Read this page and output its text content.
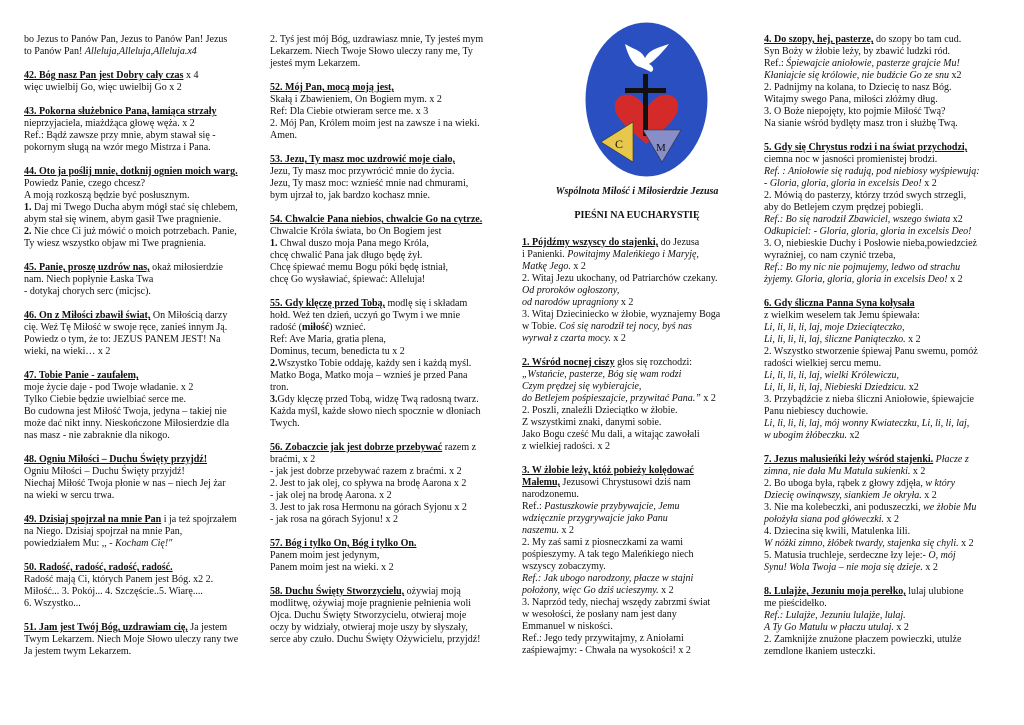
bo Jezus to Panów Pan, Jezus to Panów Pan! Jezus
to Panów Pan! Alleluja,Alleluja,Alleluja.x4
42. Bóg nasz Pan jest Dobry cały czas x 4
więc uwielbij Go, więc uwielbij Go x 2
43. Pokorna służebnico Pana, łamiąca strzały
nieprzyjaciela, miażdżąca głowę węża. x 2
Ref.: Bądź zawsze przy mnie, abym stawał się -
pokornym sługą na wzór mego Mistrza i Pana.
44. Oto ja poślij mnie, dotknij ognien moich warg. Powiedz Panie, czego chcesz?
A moją rozkoszą będzie być posłusznym.
1. Daj mi Twego Ducha abym mógł stać się chlebem,
abym stał się winem, abym gasił Twe pragnienie.
2. Nie chce Ci już mówić o moich potrzebach. Panie,
Ty wiesz wszystko objaw mi Twe pragnienia.
45. Panie, proszę uzdrów nas, okaż miłosierdzie
nam. Niech popłynie Łaska Twa
- dotykaj chorych serc (micjsc).
46. On z Miłości zbawił świat, On Miłością darzy
cię. Weź Tę Miłość w swoje ręce, zanieś innym Ją.
Powiedz o tym, że to: JEZUS PANEM JEST! Na
wieki, na wieki… x 2
47. Tobie Panie - zaufałem,
moje życie daje - pod Twoje władanie. x 2
Tylko Ciebie będzie uwielbiać serce me.
Bo cudowna jest Miłość Twoja, jedyna – takiej nie
może dać nikt inny. Nieskończone Miłosierdzie dla
nas masz - nie zabraknie dla nikogo.
48. Ogniu Miłości – Duchu Święty przyjdź!
Ogniu Miłości – Duchu Święty przyjdź!
Niechaj Miłość Twoja płonie w nas – niech Jej żar
na wieki w sercu trwa.
49. Dzisiaj spojrzał na mnie Pan i ja też spojrzałem
na Niego. Dzisiaj spojrzał na mnie Pan,
powiedziałem Mu: ,, - Kocham Cię!"
50. Radość, radość, radość, radość.
Radość mają Ci, których Panem jest Bóg. x2 2.
Miłość... 3. Pokój... 4. Szczęście..5. Wiarę....
6. Wszystko...
51. Jam jest Twój Bóg, uzdrawiam cię, Ja jestem
Twym Lekarzem. Niech Moje Słowo uleczy rany twe
Ja jestem twym Lekarzem.
2. Tyś jest mój Bóg, uzdrawiasz mnie, Ty jesteś mym
Lekarzem. Niech Twoje Słowo uleczy rany me, Ty
jesteś mym Lekarzem.
52. Mój Pan, mocą moją jest,
Skałą i Zbawieniem, On Bogiem mym. x 2
Ref: Dla Ciebie otwieram serce me. x 3
2. Mój Pan, Królem moim jest na zawsze i na wieki.
Amen.
53. Jezu, Ty masz moc uzdrowić moje ciało,
Jezu, Ty masz moc przywrócić mnie do życia.
Jezu, Ty masz moc: wznieść mnie nad chmurami,
bym ujrzał to, jak bardzo kochasz mnie.
54. Chwalcie Pana niebios, chwalcie Go na cytrze.
Chwalcie Króla świata, bo On Bogiem jest
1. Chwal duszo moja Pana mego Króla,
chcę chwalić Pana jak długo będę żył.
Chcę śpiewać memu Bogu póki będę istniał,
chcę Go wysławiać, śpiewać: Alleluja!
55. Gdy klęczę przed Tobą, modlę się i składam
hołd. Weź ten dzień, uczyń go Twym i we mnie
radość (miłość) wznieć.
Ref: Ave Maria, gratia plena,
Dominus, tecum, benedicta tu x 2
2.Wszystko Tobie oddaję, każdy sen i każdą myśl.
Matko Boga, Matko moja – wznieś je przed Pana
tron.
3.Gdy klęczę przed Tobą, widzę Twą radosną twarz.
Każda myśl, każde słowo niech spocznie w dłoniach
Twych.
56. Zobaczcie jak jest dobrze przebywać razem z
braćmi, x 2
- jak jest dobrze przebywać razem z braćmi. x 2
2. Jest to jak olej, co spływa na brodę Aarona x 2
- jak olej na brodę Aarona. x 2
3. Jest to jak rosa Hermonu na górach Syjonu x 2
- jak rosa na górach Syjonu! x 2
57. Bóg i tylko On, Bóg i tylko On.
Panem moim jest jedynym,
Panem moim jest na wieki. x 2
58. Duchu Święty Stworzycielu, ożywiaj moją
modlitwę, ożywiaj moje pragnienie pełnienia woli
Ojca. Duchu Święty Stworzycielu, otwieraj moje
oczy by widziały, otwieraj moje uszy by słyszały,
serce aby czuło. Duchu Święty Ożywicielu, przyjdź!
C	M
Wspólnota Miłość i Miłosierdzie Jezusa
PIEŚNI NA EUCHARYSTIĘ
1. Pójdźmy wszyscy do stajenki, do Jezusa
i Panienki. Powitajmy Maleńkiego i Maryję,
Matkę Jego. x 2
2. Witaj Jezu ukochany, od Patriarchów czekany.
Od proroków ogłoszony,
od narodów upragniony x 2
3. Witaj Dzieciniecko w żłobie, wyznajemy Boga
w Tobie. Coś się narodził tej nocy, byś nas
wyrwał z czarta mocy. x 2
2. Wśród nocnej ciszy głos się rozchodzi:
„Wstańcie, pasterze, Bóg się wam rodzi
Czym prędzej się wybierajcie,
do Betlejem pośpieszajcie, przywitać Pana.” x 2
2. Poszli, znaleźli Dzieciątko w żłobie.
Z wszystkimi znaki, danymi sobie.
Jako Bogu cześć Mu dali, a witając zawołali
z wielkiej radości. x 2
3. W żłobie leży, któż pobieży kolędować
Małemu, Jezusowi Chrystusowi dziś nam
narodzonemu.
Ref.: Pastuszkowie przybywajcie, Jemu
wdzięcznie przygrywajcie jako Panu
naszemu. x 2
2. My zaś sami z piosneczkami za wami
pośpieszymy. A tak tego Maleńkiego niech
wszyscy zobaczymy.
Ref.: Jak ubogo narodzony, płacze w stajni
położony, więc Go dziś ucieszymy. x 2
3. Naprzód tedy, niechaj wszędy zabrzmi świat
w wesołości, że posłany nam jest dany
Emmanuel w niskości.
Ref.: Jego tedy przywitajmy, z Aniołami
zaśpiewajmy: - Chwała na wysokości! x 2
4. Do szopy, hej, pasterze, do szopy bo tam cud.
Syn Boży w żłobie leży, by zbawić ludzki ród.
Ref.: Śpiewajcie aniołowie, pasterze grajcie Mu!
Kłaniajcie się królowie, nie budźcie Go ze snu x2
2. Padnijmy na kolana, to Dziecię to nasz Bóg.
Witajmy swego Pana, miłości złóżmy dług.
3. O Boże niepojęty, kto pojmie Miłość Twą?
Na sianie wśród bydlęty masz tron i służbę Twą.
5. Gdy się Chrystus rodzi i na świat przychodzi,
ciemna noc w jasności promienistej brodzi.
Ref. : Aniołowie się radują, pod niebiosy wyśpiewują:
- Gloria, gloria, gloria in excelsis Deo! x 2
2. Mówią do pasterzy, którzy trzód swych strzegli,
aby do Betlejem czym prędzej pobiegli.
Ref.: Bo się narodził Zbawiciel, wszego świata x2
Odkupiciel: - Gloria, gloria, gloria in excelsis Deo!
3. O, niebieskie Duchy i Posłowie nieba,powiedzcież
wyraźniej, co nam czynić trzeba,
Ref.: Bo my nic nie pojmujemy, ledwo od strachu
żyjemy. Gloria, gloria, gloria in excelsis Deo! x 2
6. Gdy śliczna Panna Syna kołysała
z wielkim weselem tak Jemu śpiewała:
Li, li, li, li, laj, moje Dzieciąteczko,
Li, li, li, li, laj, śliczne Paniąteczko. x 2
2. Wszystko stworzenie śpiewaj Panu swemu, pomóż
radości wielkiej sercu memu.
Li, li, li, li, laj, wielki Królewiczu,
Li, li, li, li, laj, Niebieski Dziedzicu. x2
3. Przybądźcie z nieba śliczni Aniołowie, śpiewajcie
Panu niebiescy duchowie.
Li, li, li, li, laj, mój wonny Kwiateczku, Li, li, li, laj,
w ubogim żłóbeczku. x2
7. Jezus malusieńki leży wśród stajenki. Płacze z
zimna, nie dała Mu Matula sukienki. x 2
2. Bo uboga była, rąbek z głowy zdjęła, w który
Dziecię owinąwszy, siankiem Je okryła. x 2
3. Nie ma kolebeczki, ani poduszeczki, we żłobie Mu
położyła siana pod główeczki. x 2
4. Dziecina się kwili, Matulenka lili.
W nóżki zimno, żłóbek twardy, stajenka się chyli. x 2
5. Matusia truchleje, serdeczne łzy leje:- O, mój
Synu! Wola Twoja – nie moja się dzieje. x 2
8. Lulajże, Jezuniu moja perełko, lulaj ulubione
me pieścidełko.
Ref.: Lulajże, Jezuniu lulajże, lulaj.
A Ty Go Matulu w płaczu utulaj. x 2
2. Zamknijże znużone płaczem powieczki, utulże
zemdlone łkaniem usteczki.
